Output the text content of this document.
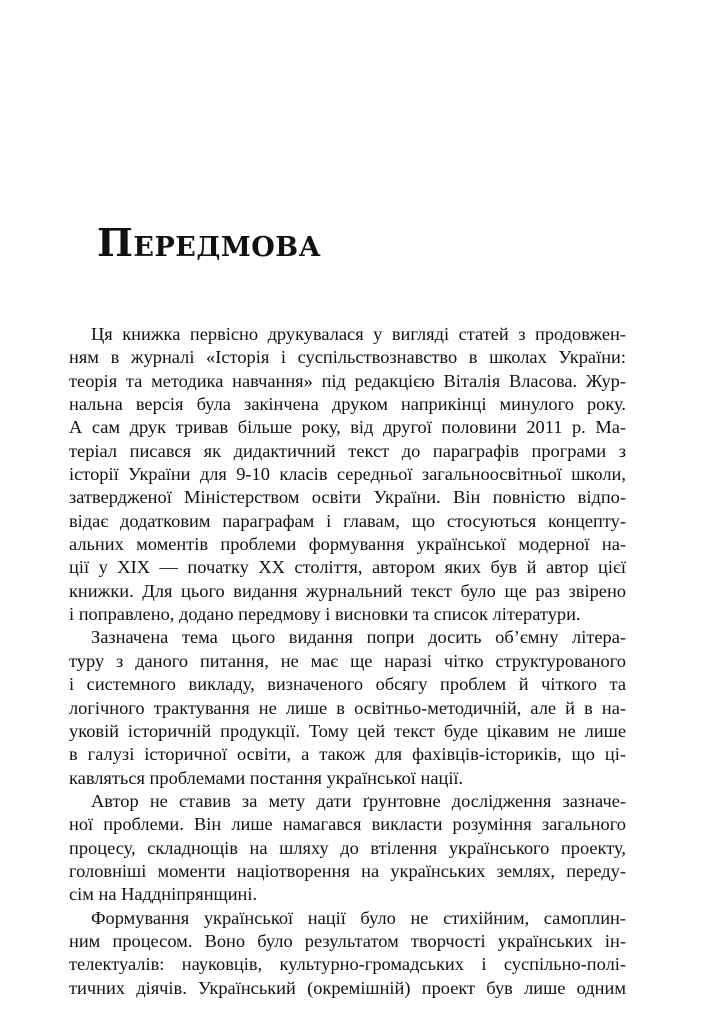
Передмова
Ця книжка первісно друкувалася у вигляді статей з продовжен-
ням в журналі «Історія і суспільствознавство в школах України:
теорія та методика навчання» під редакцією Віталія Власова. Жур-
нальна версія була закінчена друком наприкінці минулого року.
А сам друк тривав більше року, від другої половини 2011 р. Ма-
теріал писався як дидактичний текст до параграфів програми з
історії України для 9-10 класів середньої загальноосвітньої школи,
затвердженої Міністерством освіти України. Він повністю відпо-
відає додатковим параграфам і главам, що стосуються концепту-
альних моментів проблеми формування української модерної на-
ції у XIX — початку XX століття, автором яких був й автор цієї
книжки. Для цього видання журнальний текст було ще раз звірено
і поправлено, додано передмову і висновки та список літератури.
Зазначена тема цього видання попри досить об’ємну літера-
туру з даного питання, не має ще наразі чітко структурованого
і системного викладу, визначеного обсягу проблем й чіткого та
логічного трактування не лише в освітньо-методичній, але й в на-
уковій історичній продукції. Тому цей текст буде цікавим не лише
в галузі історичної освіти, а також для фахівців-істориків, що ці-
кавляться проблемами постання української нації.
Автор не ставив за мету дати ґрунтовне дослідження зазначе-
ної проблеми. Він лише намагався викласти розуміння загального
процесу, складнощів на шляху до втілення українського проекту,
головніші моменти націотворення на українських землях, переду-
сім на Наддніпрянщині.
Формування української нації було не стихійним, самоплин-
ним процесом. Воно було результатом творчості українських ін-
телектуалів: науковців, культурно-громадських і суспільно-полі-
тичних діячів. Український (окремішній) проект був лише одним
